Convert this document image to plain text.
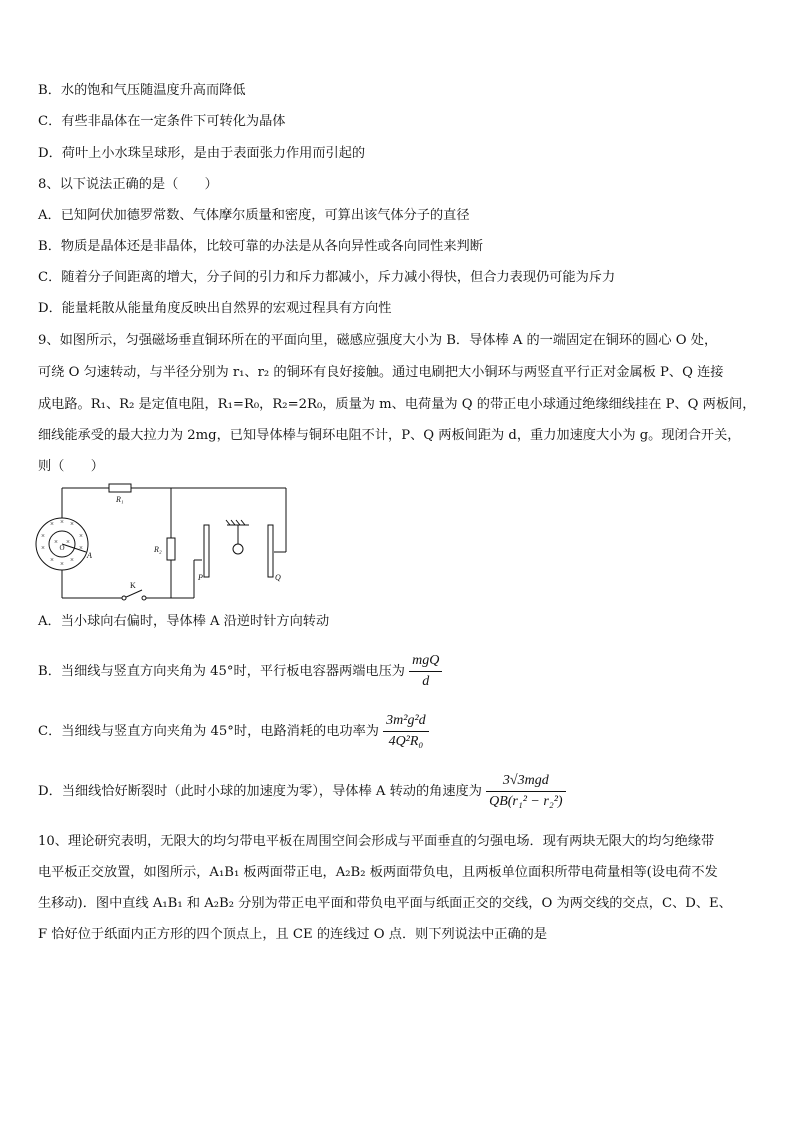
B．水的饱和气压随温度升高而降低
C．有些非晶体在一定条件下可转化为晶体
D．荷叶上小水珠呈球形，是由于表面张力作用而引起的
8、以下说法正确的是（　　）
A．已知阿伏加德罗常数、气体摩尔质量和密度，可算出该气体分子的直径
B．物质是晶体还是非晶体，比较可靠的办法是从各向异性或各向同性来判断
C．随着分子间距离的增大，分子间的引力和斥力都减小，斥力减小得快，但合力表现仍可能为斥力
D．能量耗散从能量角度反映出自然界的宏观过程具有方向性
9、如图所示，匀强磁场垂直铜环所在的平面向里，磁感应强度大小为 B．导体棒 A 的一端固定在铜环的圆心 O 处，
可绕 O 匀速转动，与半径分别为 r₁、r₂ 的铜环有良好接触。通过电刷把大小铜环与两竖直平行正对金属板 P、Q 连接
成电路。R₁、R₂ 是定值电阻，R₁=R₀，R₂=2R₀，质量为 m、电荷量为 Q 的带正电小球通过绝缘细线挂在 P、Q 两板间，
细线能承受的最大拉力为 2mg，已知导体棒与铜环电阻不计，P、Q 两板间距为 d，重力加速度大小为 g。现闭合开关，
则（　　）
× × ×
×	×
×	×
× × ×
× ×
O
R₁
R₂
A
K
P	Q
A．当小球向右偏时，导体棒 A 沿逆时针方向转动
B．当细线与竖直方向夹角为 45°时，平行板电容器两端电压为 $\frac{\text{mgQ}}{d}$
C．当细线与竖直方向夹角为 45°时，电路消耗的电功率为 $\frac{\text{3m²g²d}}{\text{4Q²R₀}}$
D．当细线恰好断裂时（此时小球的加速度为零），导体棒 A 转动的角速度为 $\frac{\text{3√3mgd}}{\text{QB(r₁² − r₂²)}}$
10、理论研究表明，无限大的均匀带电平板在周围空间会形成与平面垂直的匀强电场．现有两块无限大的均匀绝缘带
电平板正交放置，如图所示，A₁B₁ 板两面带正电，A₂B₂ 板两面带负电，且两板单位面积所带电荷量相等(设电荷不发
生移动)．图中直线 A₁B₁ 和 A₂B₂ 分别为带正电平面和带负电平面与纸面正交的交线，O 为两交线的交点，C、D、E、
F 恰好位于纸面内正方形的四个顶点上，且 CE 的连线过 O 点．则下列说法中正确的是
